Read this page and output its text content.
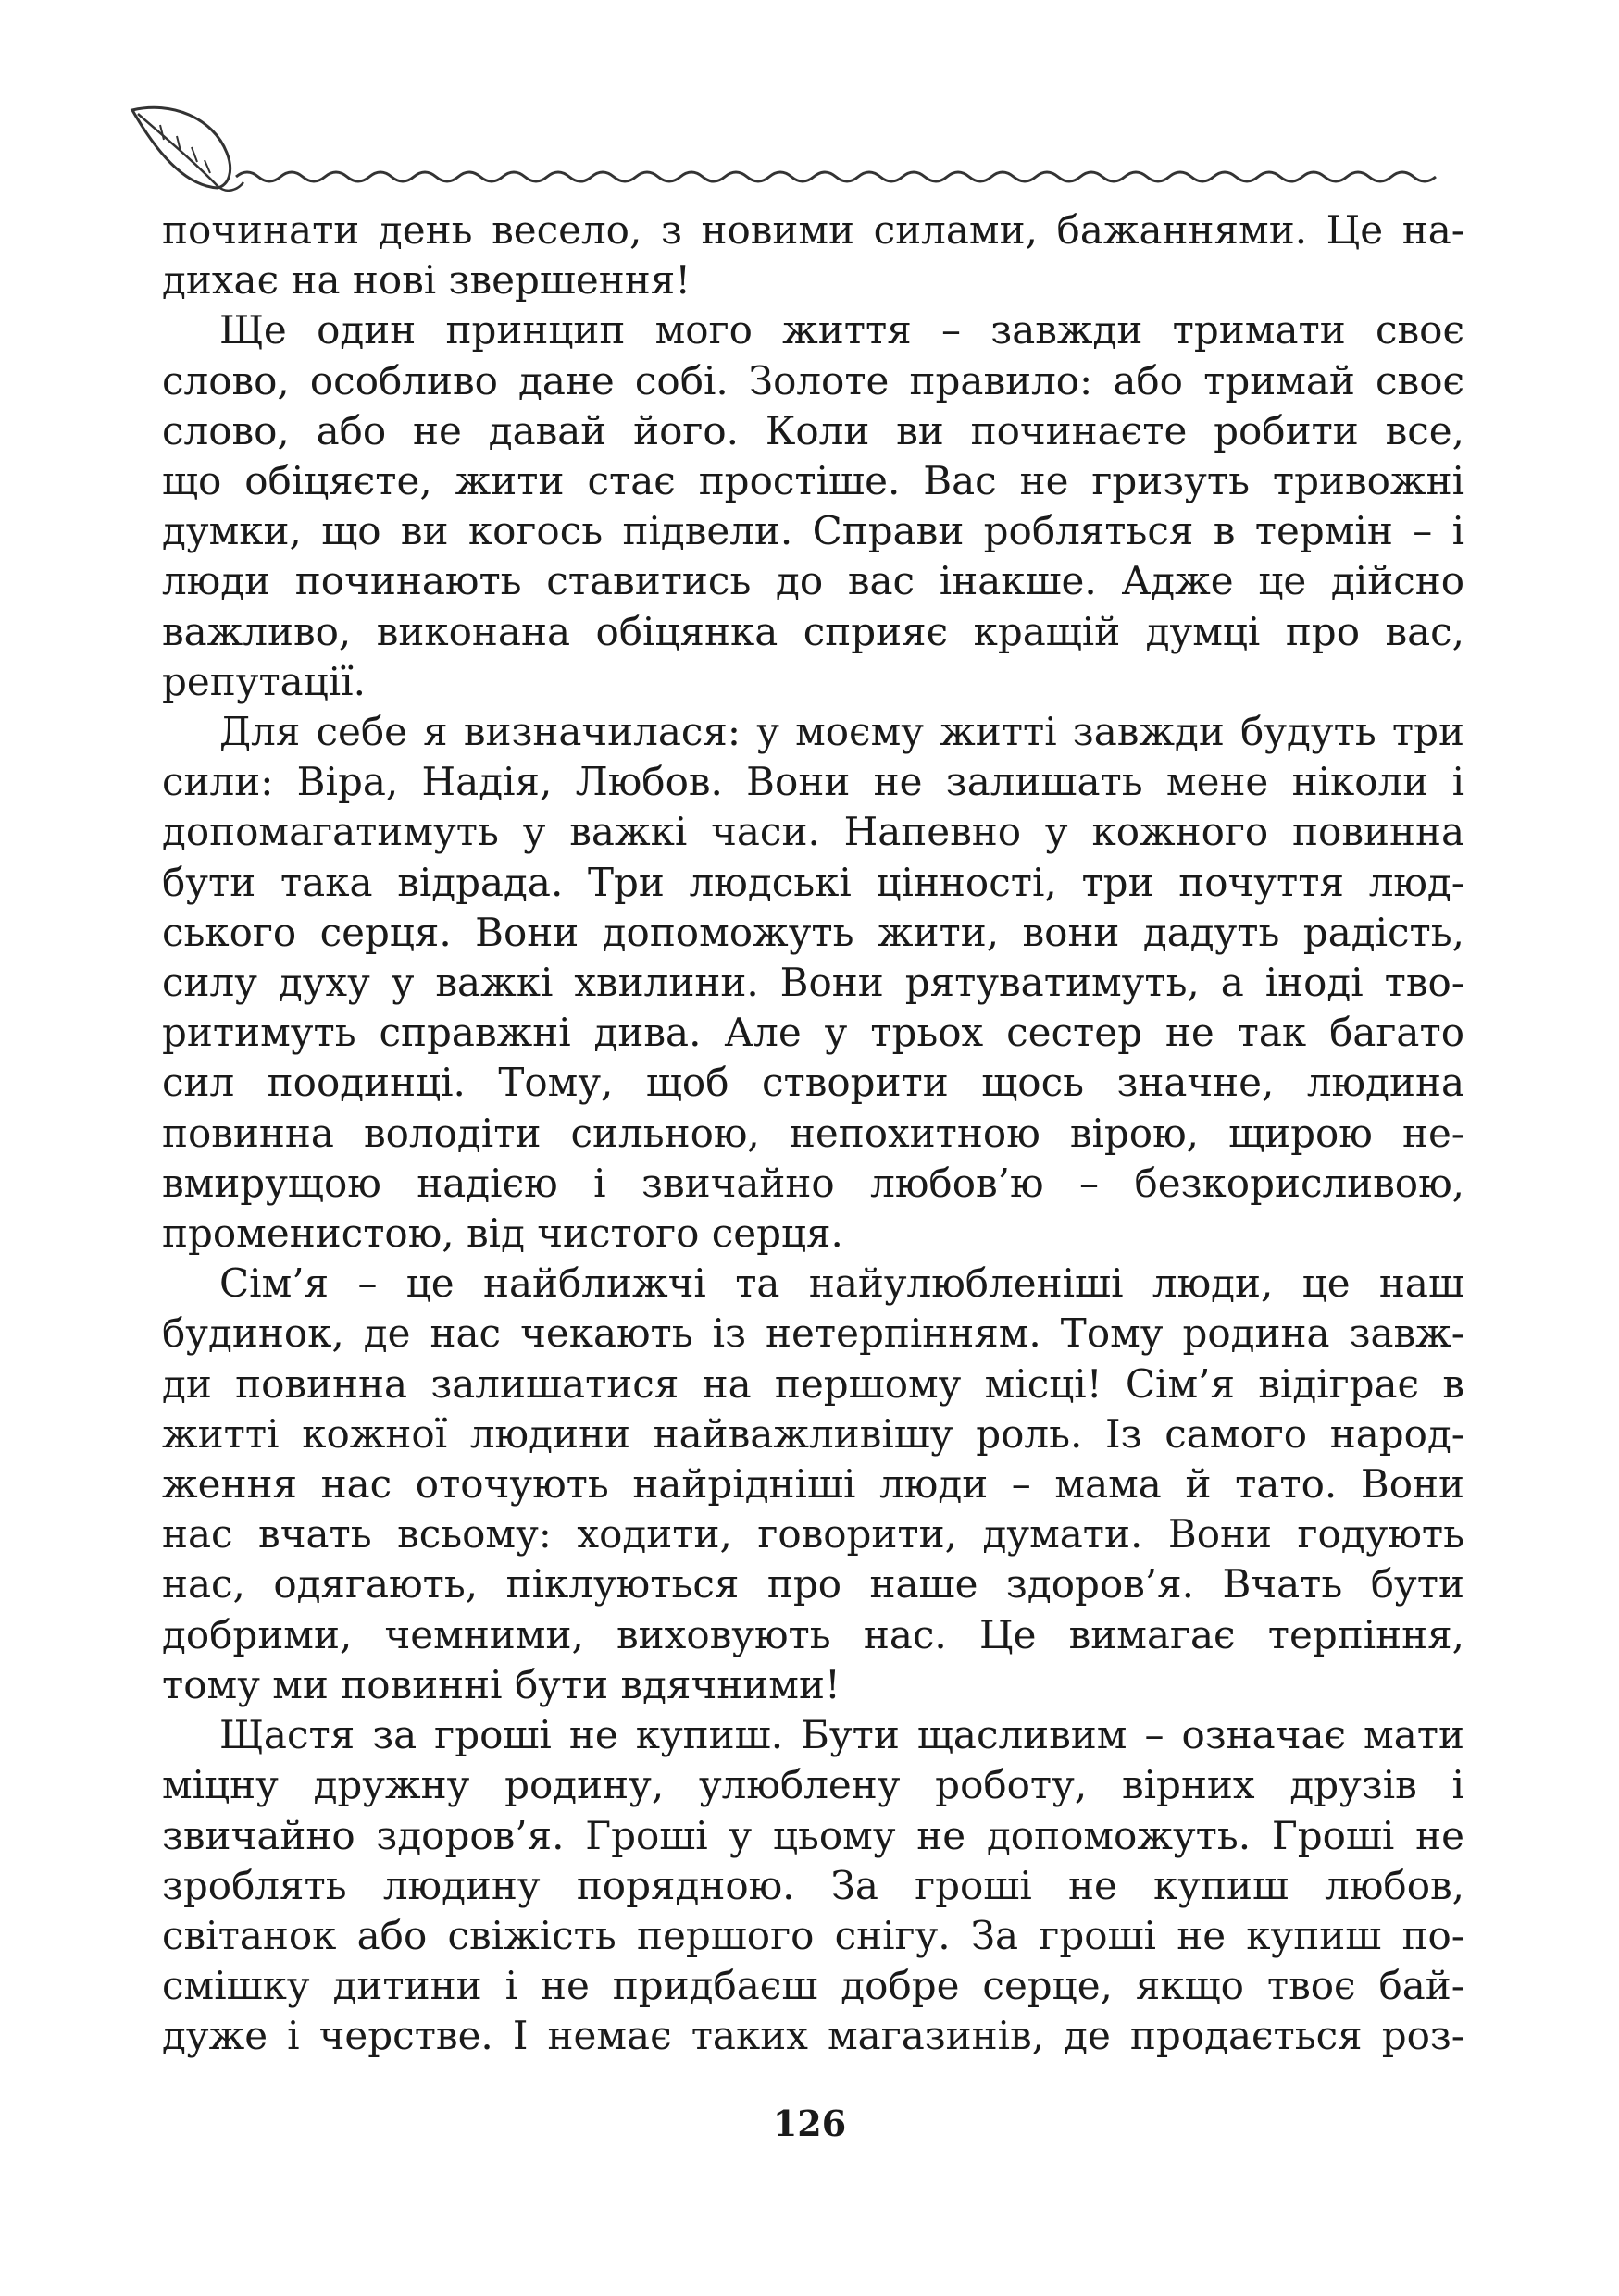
починати день весело, з новими силами, бажаннями. Це на-
дихає на нові звершення!
Ще один принцип мого життя – завжди тримати своє
слово, особливо дане собі. Золоте правило: або тримай своє
слово, або не давай його. Коли ви починаєте робити все,
що обіцяєте, жити стає простіше. Вас не гризуть тривожні
думки, що ви когось підвели. Справи робляться в термін – і
люди починають ставитись до вас інакше. Адже це дійсно
важливо, виконана обіцянка сприяє кращій думці про вас,
репутації.
Для себе я визначилася: у моєму житті завжди будуть три
сили: Віра, Надія, Любов. Вони не залишать мене ніколи і
допомагатимуть у важкі часи. Напевно у кожного повинна
бути така відрада. Три людські цінності, три почуття люд-
ського серця. Вони допоможуть жити, вони дадуть радість,
силу духу у важкі хвилини. Вони рятуватимуть, а іноді тво-
ритимуть справжні дива. Але у трьох сестер не так багато
сил поодинці. Тому, щоб створити щось значне, людина
повинна володіти сильною, непохитною вірою, щирою не-
вмирущою надією і звичайно любов’ю – безкорисливою,
променистою, від чистого серця.
Сім’я – це найближчі та найулюбленіші люди, це наш
будинок, де нас чекають із нетерпінням. Тому родина завж-
ди повинна залишатися на першому місці! Сім’я відіграє в
житті кожної людини найважливішу роль. Із самого народ-
ження нас оточують найрідніші люди – мама й тато. Вони
нас вчать всьому: ходити, говорити, думати. Вони годують
нас, одягають, піклуються про наше здоров’я. Вчать бути
добрими, чемними, виховують нас. Це вимагає терпіння,
тому ми повинні бути вдячними!
Щастя за гроші не купиш. Бути щасливим – означає мати
міцну дружну родину, улюблену роботу, вірних друзів і
звичайно здоров’я. Гроші у цьому не допоможуть. Гроші не
зроблять людину порядною. За гроші не купиш любов,
світанок або свіжість першого снігу. За гроші не купиш по-
смішку дитини і не придбаєш добре серце, якщо твоє бай-
дуже і черстве. І немає таких магазинів, де продається роз-
126
